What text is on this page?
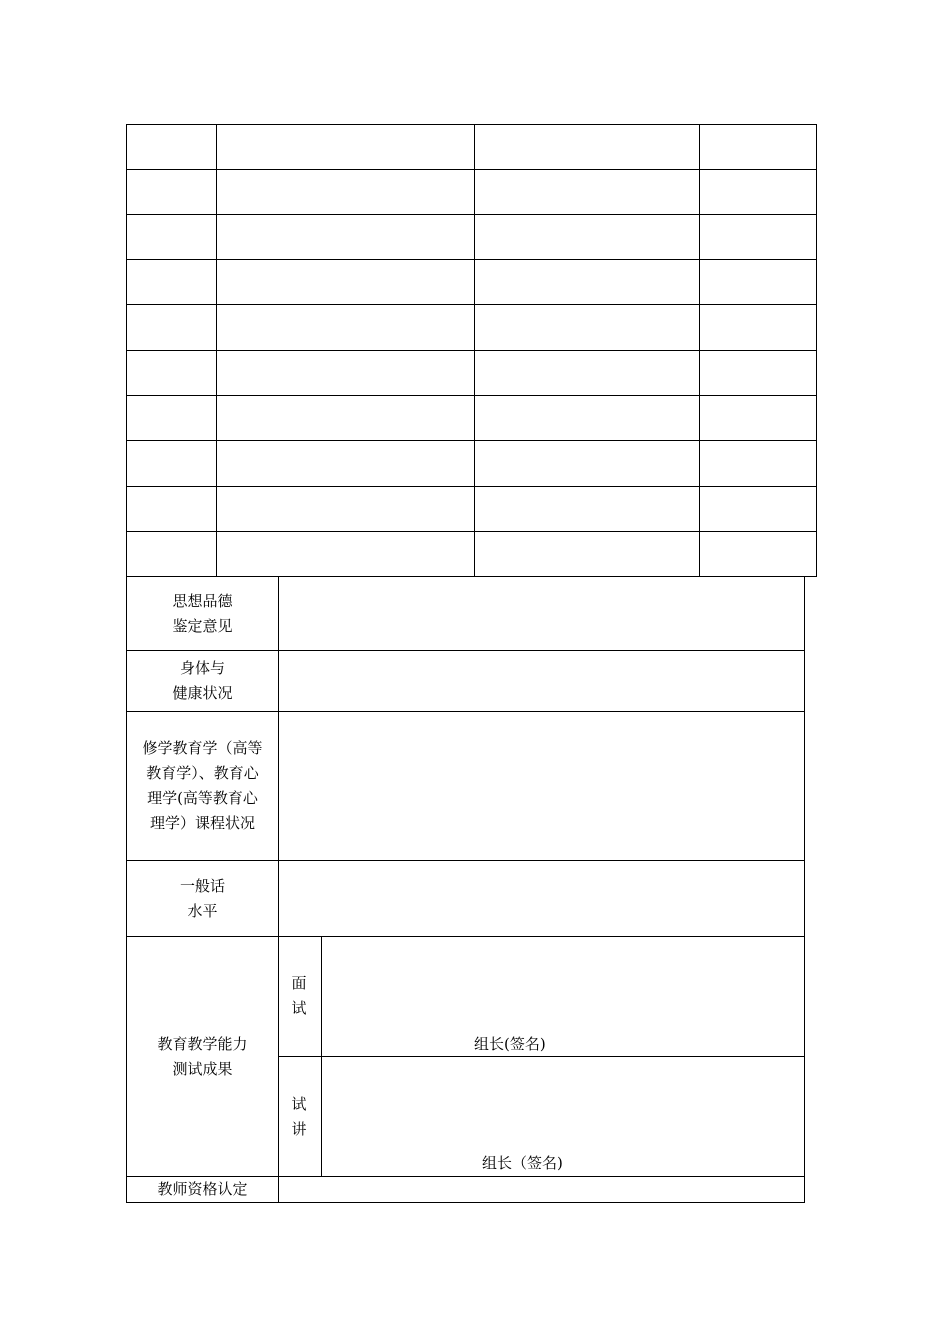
思想品德
鉴定意见
身体与
健康状况
修学教育学（高等
教育学）、教育心
理学(高等教育心
理学）课程状况
一般话
水平
教育教学能力
测试成果
面
试
组长(签名)
试
讲
组长（签名)
教师资格认定
